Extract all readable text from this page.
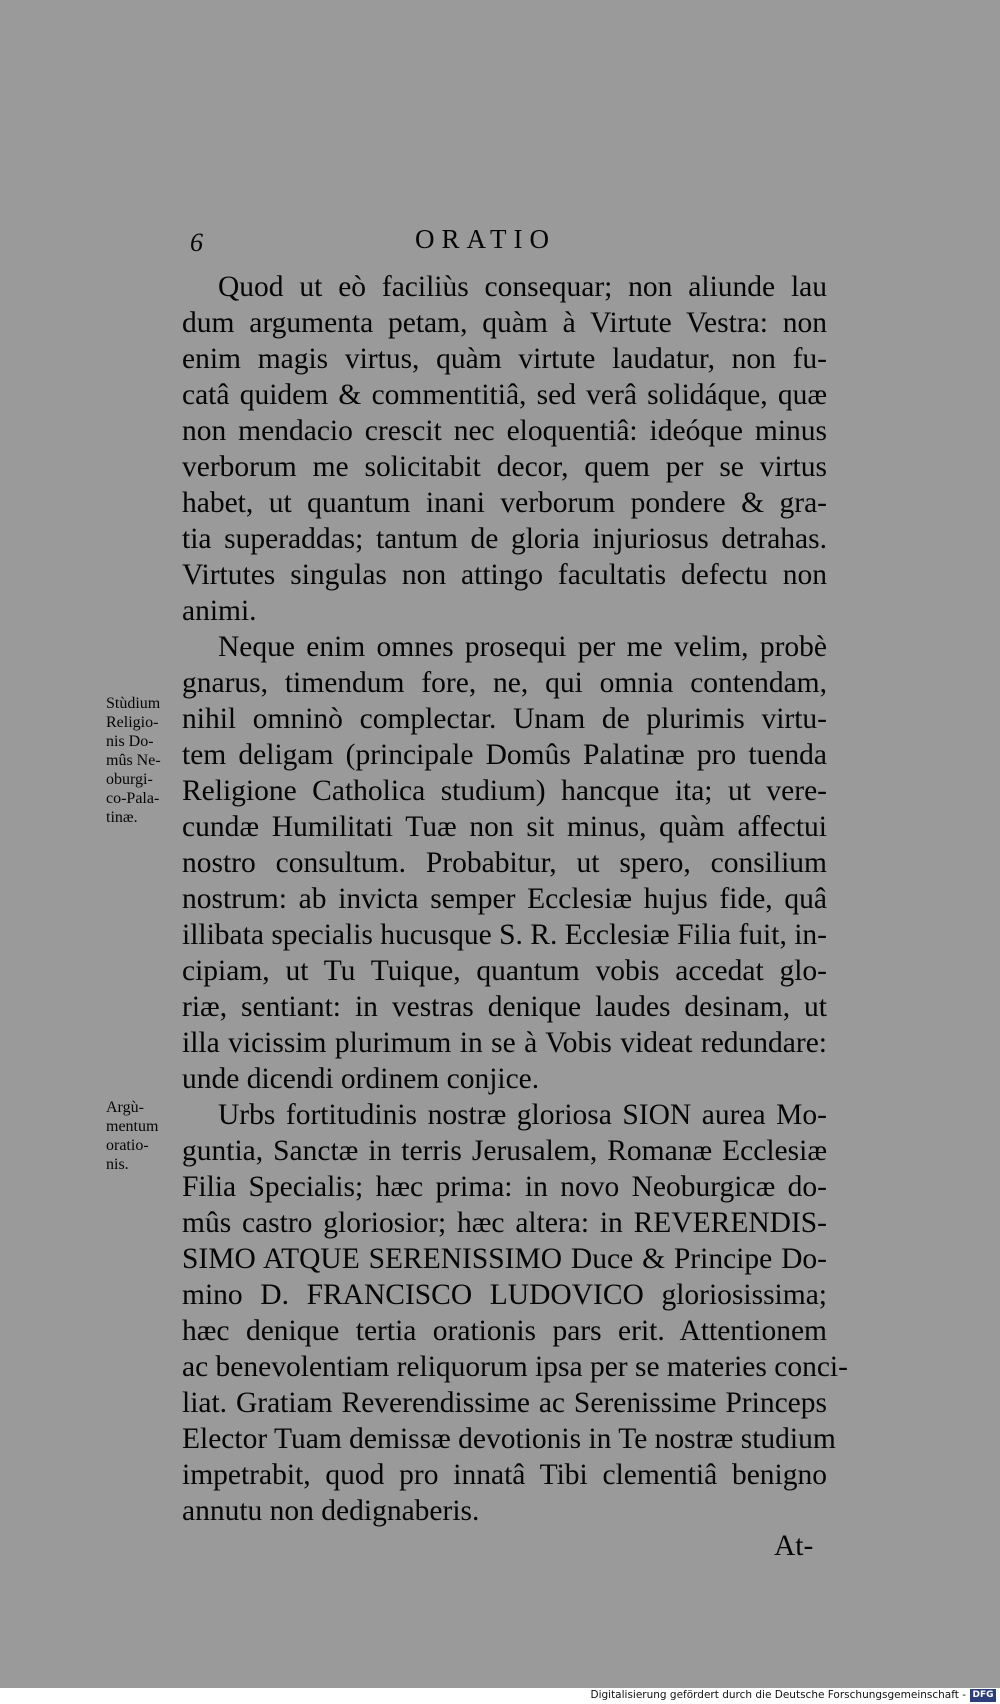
6	ORATIO
Quod ut eò faciliùs consequar; non aliunde lau
dum argumenta petam, quàm à Virtute Vestra: non
enim magis virtus, quàm virtute laudatur, non fu-
catâ quidem & commentitiâ, sed verâ solidáque, quæ
non mendacio crescit nec eloquentiâ: ideóque minus
verborum me solicitabit decor, quem per se virtus
habet, ut quantum inani verborum pondere & gra-
tia superaddas; tantum de gloria injuriosus detrahas.
Virtutes singulas non attingo facultatis defectu non
animi.
Neque enim omnes prosequi per me velim, probè
gnarus, timendum fore, ne, qui omnia contendam,
nihil omninò complectar. Unam de plurimis virtu-
tem deligam (principale Domûs Palatinæ pro tuenda
Religione Catholica studium) hancque ita; ut vere-
cundæ Humilitati Tuæ non sit minus, quàm affectui
nostro consultum. Probabitur, ut spero, consilium
nostrum: ab invicta semper Ecclesiæ hujus fide, quâ
illibata specialis hucusque S. R. Ecclesiæ Filia fuit, in-
cipiam, ut Tu Tuique, quantum vobis accedat glo-
riæ, sentiant: in vestras denique laudes desinam, ut
illa vicissim plurimum in se à Vobis videat redundare:
unde dicendi ordinem conjice.
Urbs fortitudinis nostræ gloriosa SION aurea Mo-
guntia, Sanctæ in terris Jerusalem, Romanæ Ecclesiæ
Filia Specialis; hæc prima: in novo Neoburgicæ do-
mûs castro gloriosior; hæc altera: in REVERENDIS-
SIMO ATQUE SERENISSIMO Duce & Principe Do-
mino D. FRANCISCO LUDOVICO gloriosissima;
hæc denique tertia orationis pars erit. Attentionem
ac benevolentiam reliquorum ipsa per se materies conci-
liat. Gratiam Reverendissime ac Serenissime Princeps
Elector Tuam demissæ devotionis in Te nostræ studium
impetrabit, quod pro innatâ Tibi clementiâ benigno
annutu non dedignaberis.
Stùdium
Religio-
nis Do-
mûs Ne-
oburgi-
co-Pala-
tinæ.
Argù-
mentum
oratio-
nis.
At-
Digitalisierung gefördert durch die Deutsche Forschungsgemeinschaft - DFG
